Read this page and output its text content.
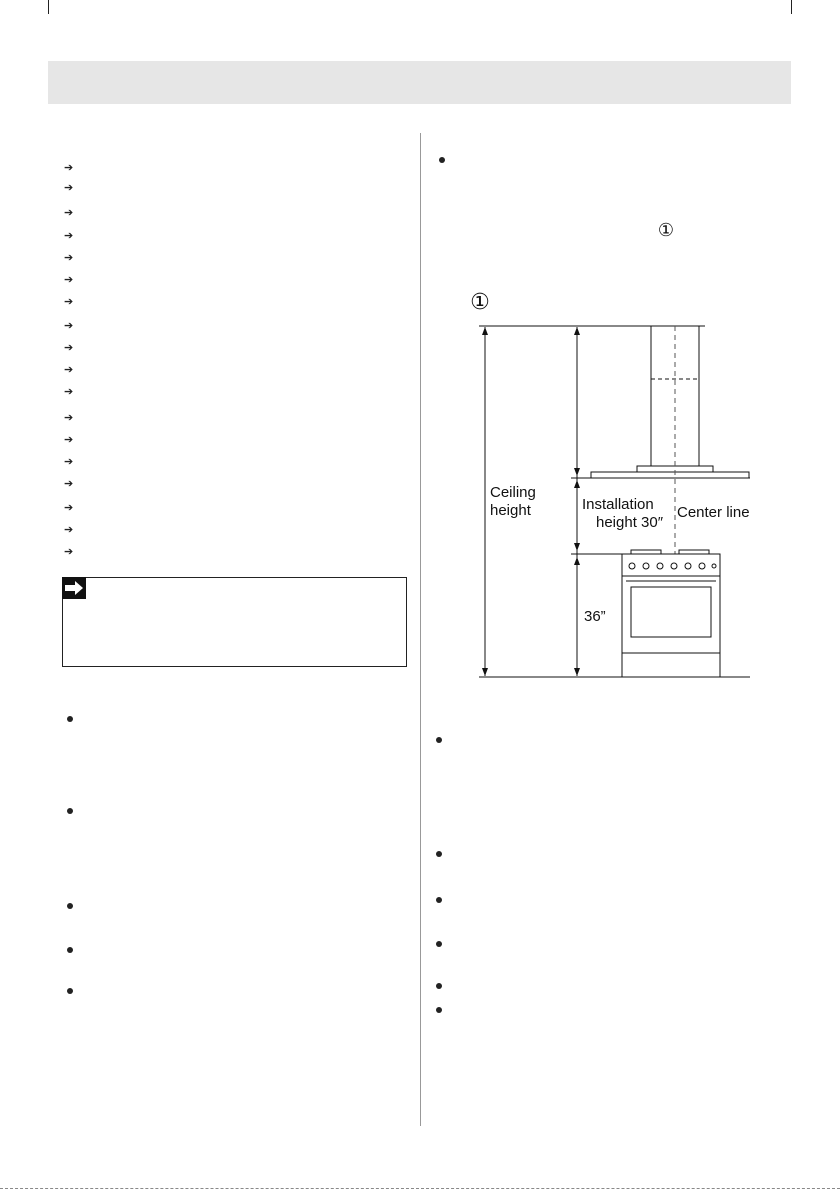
➔
➔
➔
➔
➔
➔
➔
➔
➔
➔
➔
➔
➔
➔
➔
➔
➔
➔
①
①
Ceiling
height	Installation
height 30″
Center line
36”
